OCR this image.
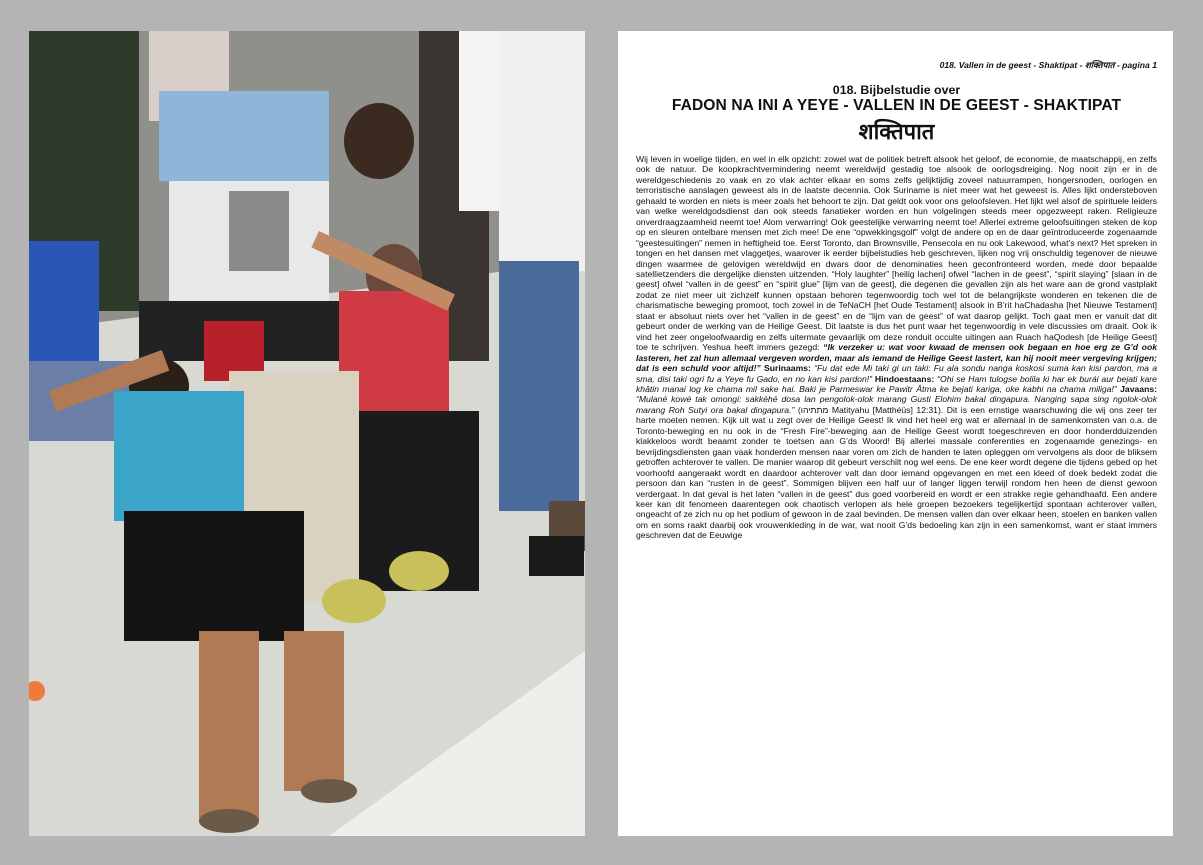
018. Vallen in de geest - Shaktipat - शक्तिपात - pagina 1
018. Bijbelstudie over
FADON NA INI A YEYE - VALLEN IN DE GEEST - SHAKTIPAT
शक्तिपात
Wij leven in woelige tijden, en wel in elk opzicht: zowel wat de politiek betreft alsook het geloof, de economie, de maatschappij, en zelfs ook de natuur. De koopkrachtvermindering neemt wereldwijd gestadig toe alsook de oorlogsdreiging. Nog nooit zijn er in de wereldgeschiedenis zo vaak en zo vlak achter elkaar en soms zelfs gelijktijdig zoveel natuurrampen, hongersnoden, oorlogen en terroristische aanslagen geweest als in de laatste decennia. Ook Suriname is niet meer wat het geweest is. Alles lijkt ondersteboven gehaald te worden en niets is meer zoals het behoort te zijn. Dat geldt ook voor ons geloofsleven. Het lijkt wel alsof de spirituele leiders van welke wereldgodsdienst dan ook steeds fanatieker worden en hun volgelingen steeds meer opgezweept raken. Religieuze onverdraagzaamheid neemt toe! Alom verwarring! Ook geestelijke verwarring neemt toe! Allerlei extreme geloofsuitingen steken de kop op en sleuren ontelbare mensen met zich mee! De ene “opwekkingsgolf” volgt de andere op en de daar geïntroduceerde zogenaamde “geestesuitingen” nemen in heftigheid toe. Eerst Toronto, dan Brownsville, Pensecola en nu ook Lakewood, what’s next? Het spreken in tongen en het dansen met vlaggetjes, waarover ik eerder bijbelstudies heb geschreven, lijken nog vrij onschuldig tegenover de nieuwe dingen waarmee de gelovigen wereldwijd en dwars door de denominaties heen geconfronteerd worden, mede door bepaalde satellietzenders die dergelijke diensten uitzenden. “Holy laughter” [heilig lachen] ofwel “lachen in de geest”, “spirit slaying” [slaan in de geest] ofwel “vallen in de geest” en “spirit glue” [lijm van de geest], die degenen die gevallen zijn als het ware aan de grond vastplakt zodat ze niet meer uit zichzelf kunnen opstaan behoren tegenwoordig toch wel tot de belangrijkste wonderen en tekenen die de charismatische beweging promoot, toch zowel in de TeNaCH [het Oude Testament] alsook in B’rit haChadasha [het Nieuwe Testament] staat er absoluut niets over het “vallen in de geest” en de “lijm van de geest” of wat daarop gelijkt. Toch gaat men er vanuit dat dit gebeurt onder de werking van de Heilige Geest. Dit laatste is dus het punt waar het tegenwoordig in vele discussies om draait. Ook ik vind het zeer ongeloofwaardig en zelfs uitermate gevaarlijk om deze ronduit occulte uitingen aan Ruach haQodesh [de Heilige Geest] toe te schrijven. Yeshua heeft immers gezegd: “Ik verzeker u: wat voor kwaad de mensen ook begaan en hoe erg ze G’d ook lasteren, het zal hun allemaal vergeven worden, maar als iemand de Heilige Geest lastert, kan hij nooit meer vergeving krijgen; dat is een schuld voor altijd!” Surinaams: “Fu dat ede Mi taki gi un taki: Fu ala sondu nanga koskosi suma kan kisi pardon, ma a sma, disi taki ogri fu a Yeye fu Gado, en no kan kisi pardon!” Hindoestaans: “Ohi se Ham tulogse bolila ki har ek burái aur bejati kare khâtin manai log ke chama mil sake hai. Baki je Parmeswar ke Pawitr Âtma ke bejati kariga, oke kabhi na chama miliga!” Javaans: “Mulané kowé tak omongi: sakkéhé dosa lan pengolok-olok marang Gusti Elohim bakal dingapura. Nanging sapa sing ngolok-olok marang Roh Sutyi ora bakal dingapura.” (מתתיהו Matityahu [Matthéüs] 12:31). Dit is een ernstige waarschuwing die wij ons zeer ter harte moeten nemen. Kijk uit wat u zegt over de Heilige Geest! Ik vind het heel erg wat er allemaal in de samenkomsten van o.a. de Toronto-beweging en nu ook in de “Fresh Fire”-beweging aan de Heilige Geest wordt toegeschreven en door honderdduizenden klakkeloos wordt beaamt zonder te toetsen aan G’ds Woord! Bij allerlei massale conferenties en zogenaamde genezings- en bevrijdingsdiensten gaan vaak honderden mensen naar voren om zich de handen te laten opleggen om vervolgens als door de bliksem getroffen achterover te vallen. De manier waarop dit gebeurt verschilt nog wel eens. De ene keer wordt degene die tijdens gebed op het voorhoofd aangeraakt wordt en daardoor achterover valt dan door iemand opgevangen en met een kleed of doek bedekt zodat die persoon dan kan “rusten in de geest”. Sommigen blijven een half uur of langer liggen terwijl rondom hen heen de dienst gewoon verdergaat. In dat geval is het laten “vallen in de geest” dus goed voorbereid en wordt er een strakke regie gehandhaafd. Een andere keer kan dit fenomeen daarentegen ook chaotisch verlopen als hele groepen bezoekers tegelijkertijd spontaan achterover vallen, ongeacht of ze zich nu op het podium of gewoon in de zaal bevinden. De mensen vallen dan over elkaar heen, stoelen en banken vallen om en soms raakt daarbij ook vrouwenkleding in de war, wat nooit G’ds bedoeling kan zijn in een samenkomst, want er staat immers geschreven dat de Eeuwige
